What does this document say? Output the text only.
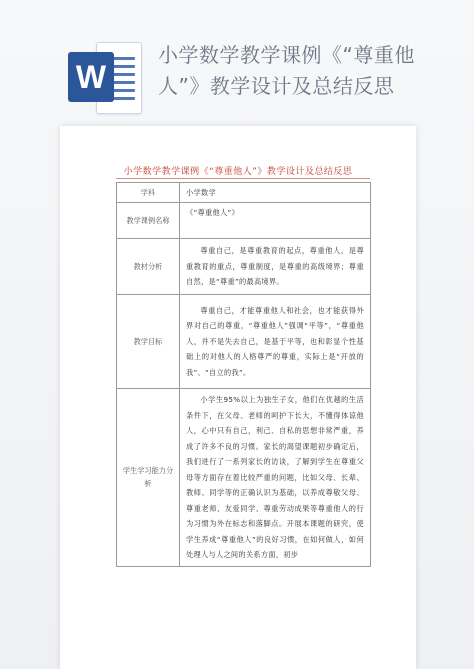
W
小学数学教学课例《“尊重他
人”》教学设计及总结反思
小学数学教学课例《“尊重他人”》教学设计及总结反思
学科	小学数学
教学课例名称	《“尊重他人”》
教材分析	尊重自己，是尊重教育的起点，尊重他人，是尊重教育的重点，尊重制度，是尊重的高级境界；尊重自然，是“尊重”的最高境界。
教学目标	尊重自己，才能尊重他人和社会，也才能获得外界对自己的尊重，“尊重他人”强调“平等”，“尊重他人，并不是失去自己，是基于平等，也和彰显个性基础上的对他人的人格尊严的尊重，实际上是“开放的我”、“自立的我”。
学生学习能力分析	小学生95%以上为独生子女，他们在优越的生活条件下，在父母、老师的呵护下长大，不懂得体谅他人，心中只有自己，利己、自私的思想非常严重，养成了许多不良的习惯。家长的渴望课题初步确定后，我们进行了一系列家长的访谈，了解到学生在尊重父母等方面存在着比较严重的问题，比如父母、长辈、教师、同学等的正确认识为基础，以养成尊敬父母、尊重老师、友爱同学、尊重劳动成果等尊重他人的行为习惯为外在标志和落脚点。开展本课题的研究，使学生养成“尊重他人”的良好习惯，在如何做人，如何处理人与人之间的关系方面，初步
